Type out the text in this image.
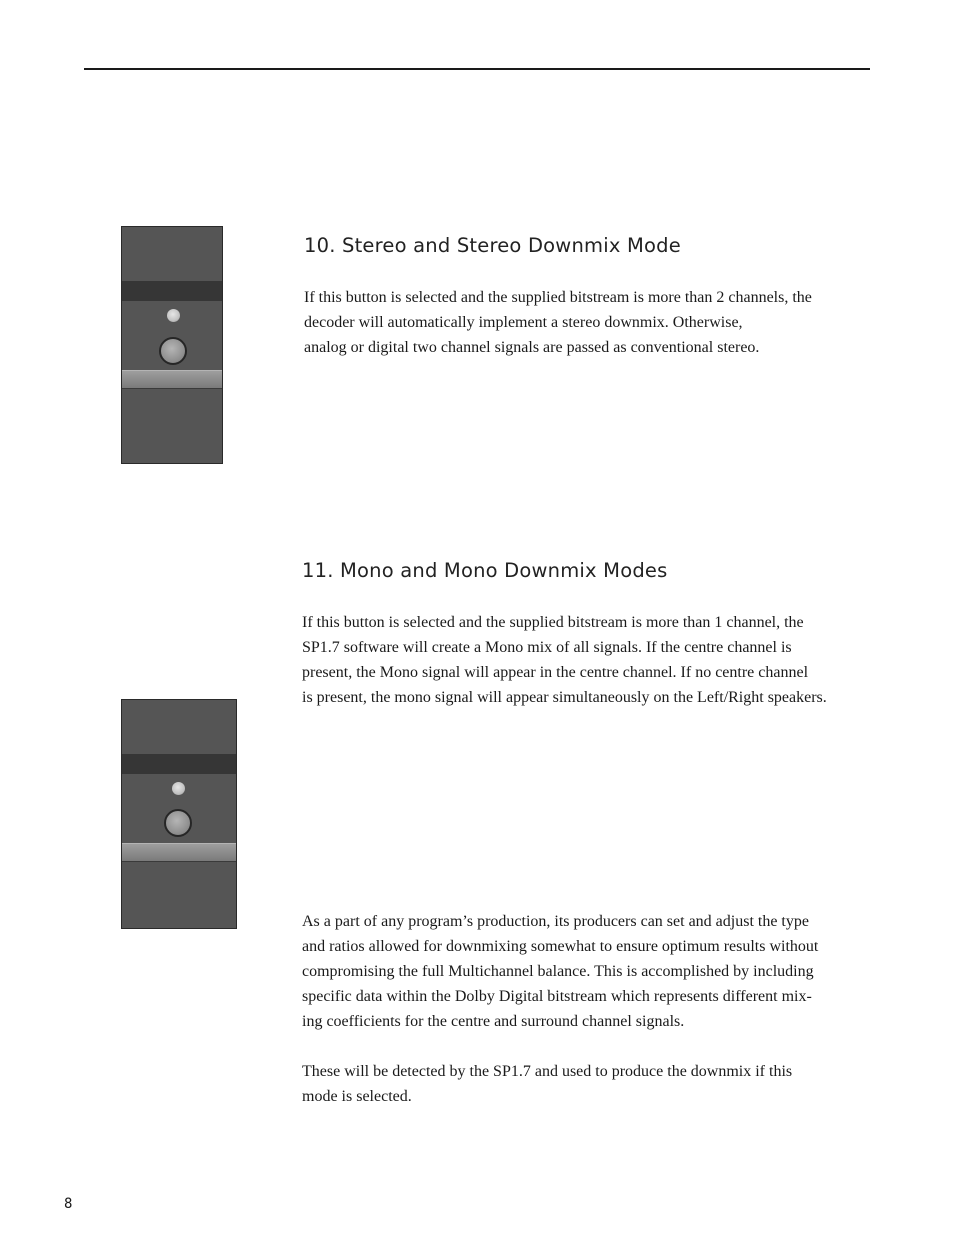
10. Stereo and Stereo Downmix Mode
If this button is selected and the supplied bitstream is more than 2 channels, the
decoder will automatically implement a stereo downmix. Otherwise,
analog or digital two channel signals are passed as conventional stereo.
11. Mono and Mono Downmix Modes
If this button is selected and the supplied bitstream is more than 1 channel, the
SP1.7 software will create a Mono mix of all signals. If the centre channel is
present, the Mono signal will appear in the centre channel. If no centre channel
is present, the mono signal will appear simultaneously on the Left/Right speakers.
As a part of any program’s production, its producers can set and adjust the type
and ratios allowed for downmixing somewhat to ensure optimum results without
compromising the full Multichannel balance. This is accomplished by including
specific data within the Dolby Digital bitstream which represents different mix-
ing coefficients for the centre and surround channel signals.
These will be detected by the SP1.7 and used to produce the downmix if this
mode is selected.
8
